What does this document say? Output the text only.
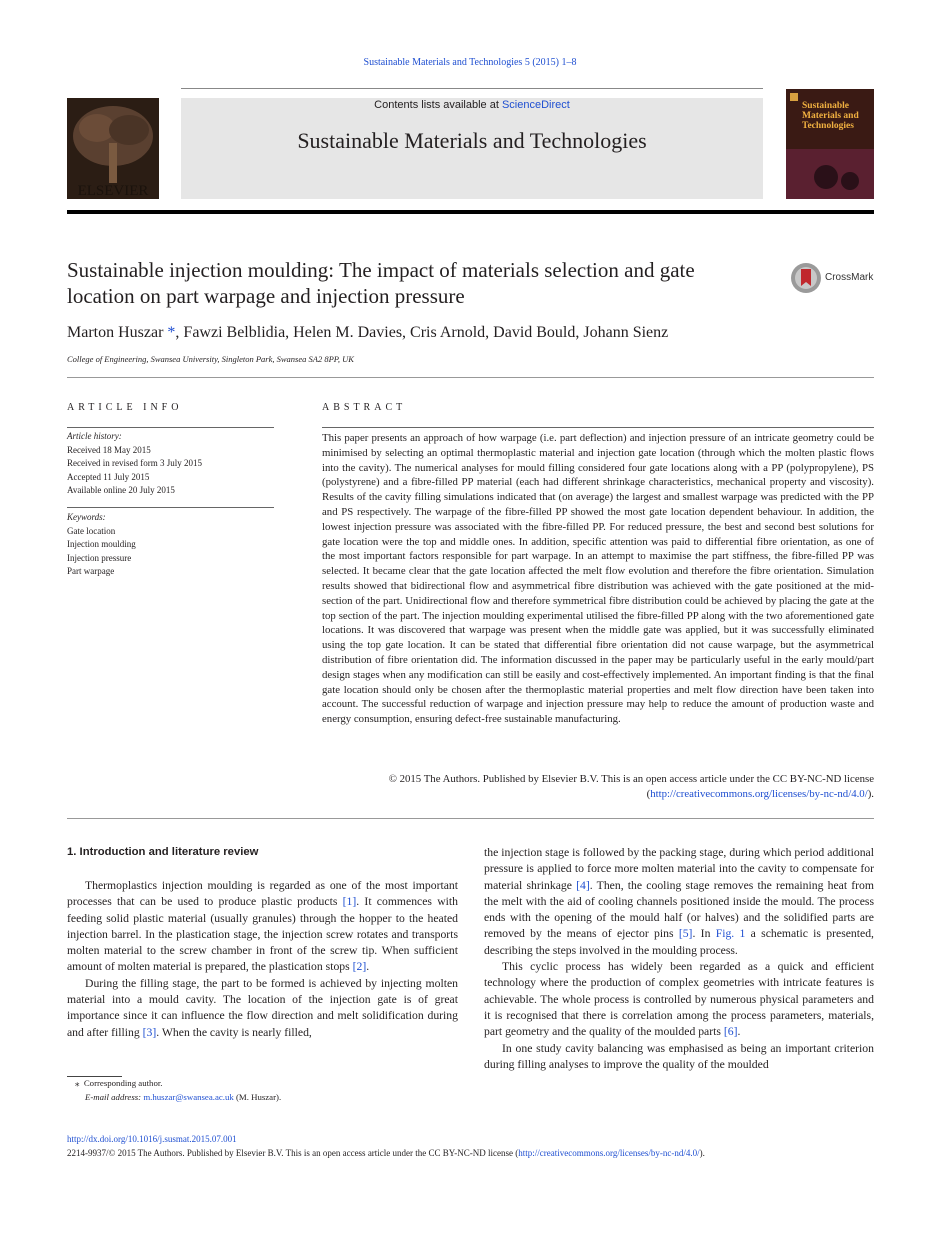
Sustainable Materials and Technologies 5 (2015) 1–8
ELSEVIER
Contents lists available at ScienceDirect
Sustainable Materials and Technologies
Sustainable Materials and Technologies
Sustainable injection moulding: The impact of materials selection and gate location on part warpage and injection pressure
CrossMark
Marton Huszar *, Fawzi Belblidia, Helen M. Davies, Cris Arnold, David Bould, Johann Sienz
College of Engineering, Swansea University, Singleton Park, Swansea SA2 8PP, UK
ARTICLE INFO	ABSTRACT
Article history:
Received 18 May 2015
Received in revised form 3 July 2015
Accepted 11 July 2015
Available online 20 July 2015
Keywords:
Gate location
Injection moulding
Injection pressure
Part warpage
This paper presents an approach of how warpage (i.e. part deflection) and injection pressure of an intricate geometry could be minimised by selecting an optimal thermoplastic material and injection gate location (through which the molten plastic flows into the cavity). The numerical analyses for mould filling considered four gate locations along with a PP (polypropylene), PS (polystyrene) and a fibre-filled PP material (each had different shrinkage characteristics, mechanical property and viscosity). Results of the cavity filling simulations indicated that (on average) the largest and smallest warpage was predicted with the PP and PS respectively. The warpage of the fibre-filled PP showed the most gate location dependent behaviour. In addition, the lowest injection pressure was associated with the fibre-filled PP. For reduced pressure, the best and second best solutions for gate location were the top and middle ones. In addition, specific attention was paid to differential fibre orientation, as one of the most important factors responsible for part warpage. In an attempt to maximise the part stiffness, the fibre-filled PP was selected. It became clear that the gate location affected the melt flow evolution and therefore the fibre orientation. Simulation results showed that bidirectional flow and asymmetrical fibre distribution was achieved with the gate positioned at the mid-section of the part. Unidirectional flow and therefore symmetrical fibre distribution could be achieved by placing the gate at the top section of the part. The injection moulding experimental utilised the fibre-filled PP along with the two aforementioned gate locations. It was discovered that warpage was present when the middle gate was applied, but it was successfully eliminated using the top gate location. It can be stated that differential fibre orientation did not cause warpage, but the asymmetrical distribution of fibre orientation did. The information discussed in the paper may be particularly useful in the early mould/part design stages when any modification can still be easily and cost-effectively implemented. An important finding is that the final gate location should only be chosen after the thermoplastic material properties and melt flow direction have been taken into account. The successful reduction of warpage and injection pressure may help to reduce the amount of production waste and energy consumption, ensuring defect-free sustainable manufacturing.
© 2015 The Authors. Published by Elsevier B.V. This is an open access article under the CC BY-NC-ND license
(http://creativecommons.org/licenses/by-nc-nd/4.0/).
1. Introduction and literature review

Thermoplastics injection moulding is regarded as one of the most important processes that can be used to produce plastic products [1]. It commences with feeding solid plastic material (usually granules) through the hopper to the heated injection barrel. In the plastication stage, the injection screw rotates and transports molten material to the screw chamber in front of the screw tip. When sufficient amount of molten material is prepared, the plastication stops [2].

During the filling stage, the part to be formed is achieved by injecting molten material into a mould cavity. The location of the injection gate is of great importance since it can influence the flow direction and melt solidification during and after filling [3]. When the cavity is nearly filled,

the injection stage is followed by the packing stage, during which period additional pressure is applied to force more molten material into the cavity to compensate for material shrinkage [4]. Then, the cooling stage removes the remaining heat from the melt with the aid of cooling channels positioned inside the mould. The process ends with the opening of the mould half (or halves) and the solidified parts are removed by the means of ejector pins [5]. In Fig. 1 a schematic is presented, describing the steps involved in the moulding process.

This cyclic process has widely been regarded as a quick and efficient technology where the production of complex geometries with intricate features is achievable. The whole process is controlled by numerous physical parameters and it is recognised that there is correlation among the process parameters, materials, part geometry and the quality of the moulded parts [6].

In one study cavity balancing was emphasised as being an important criterion during filling analyses to improve the quality of the moulded

⁎ Corresponding author.
E-mail address: m.huszar@swansea.ac.uk (M. Huszar).
http://dx.doi.org/10.1016/j.susmat.2015.07.001
2214-9937/© 2015 The Authors. Published by Elsevier B.V. This is an open access article under the CC BY-NC-ND license (http://creativecommons.org/licenses/by-nc-nd/4.0/).
